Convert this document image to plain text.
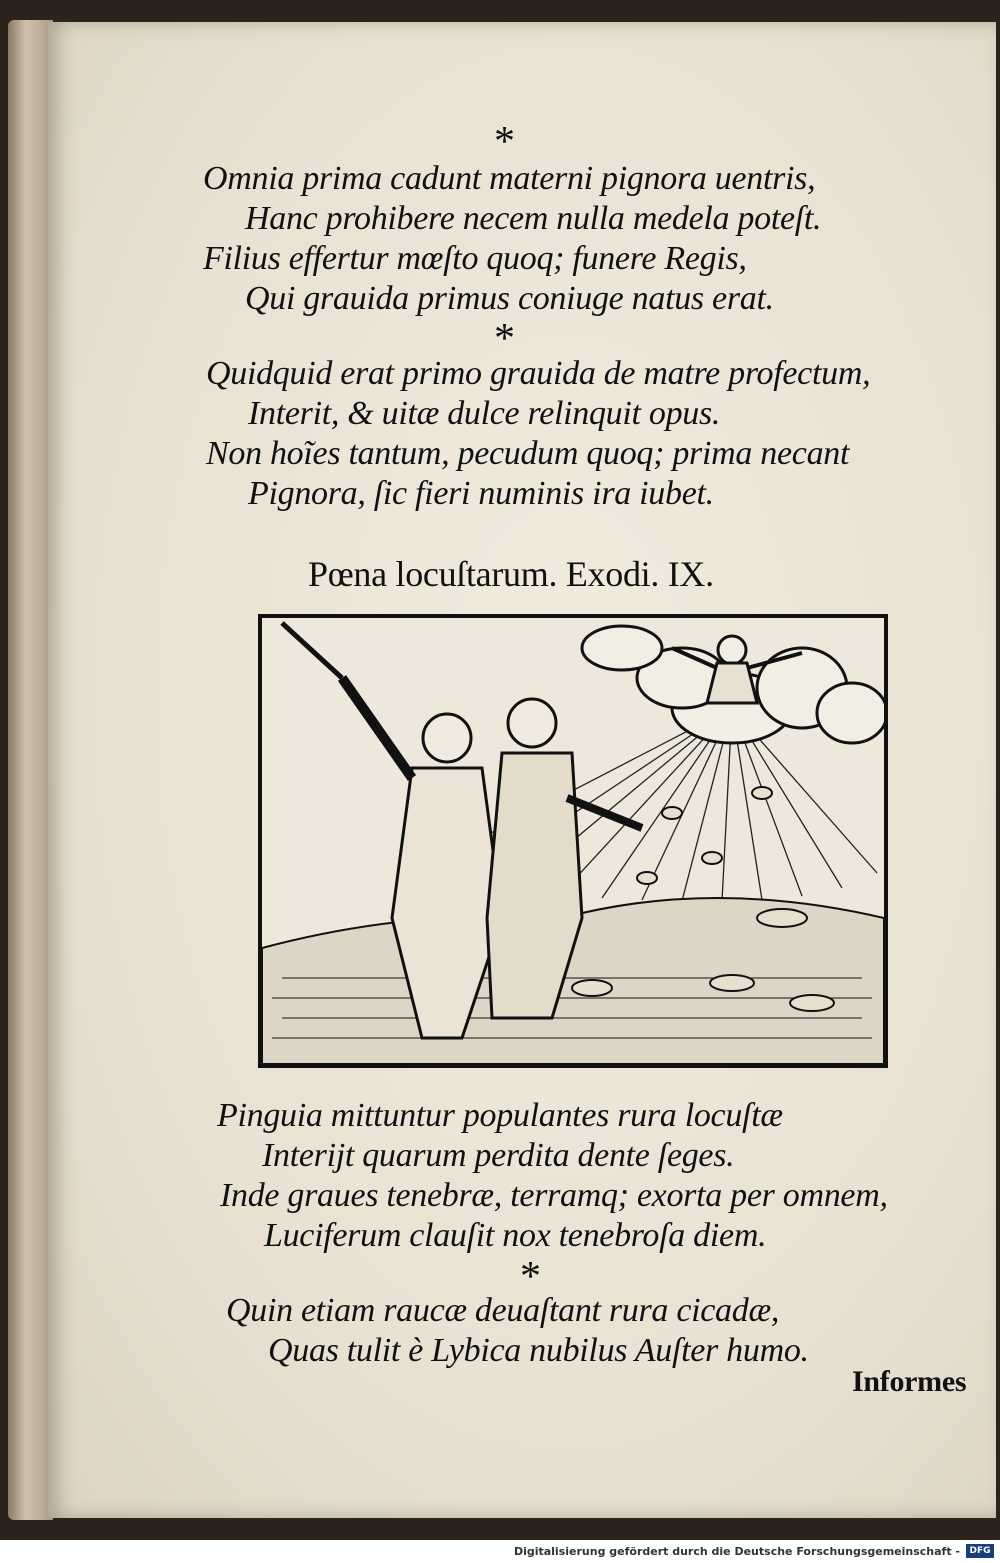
*
Omnia prima cadunt materni pignora uentris,
Hanc prohibere necem nulla medela poteſt.
Filius effertur mœſto quoq; funere Regis,
Qui grauida primus coniuge natus erat.
*
Quidquid erat primo grauida de matre profectum,
Interit, & uitæ dulce relinquit opus.
Non hoĩes tantum, pecudum quoq; prima necant
Pignora, ſic fieri numinis ira iubet.
Pœna locuſtarum. Exodi. IX.
Pinguia mittuntur populantes rura locuſtæ
Interijt quarum perdita dente ſeges.
Inde graues tenebræ, terramq; exorta per omnem,
Luciferum clauſit nox tenebroſa diem.
*
Quin etiam raucæ deuaſtant rura cicadæ,
Quas tulit è Lybica nubilus Auſter humo.
Informes
Digitalisierung gefördert durch die Deutsche Forschungsgemeinschaft -	DFG
